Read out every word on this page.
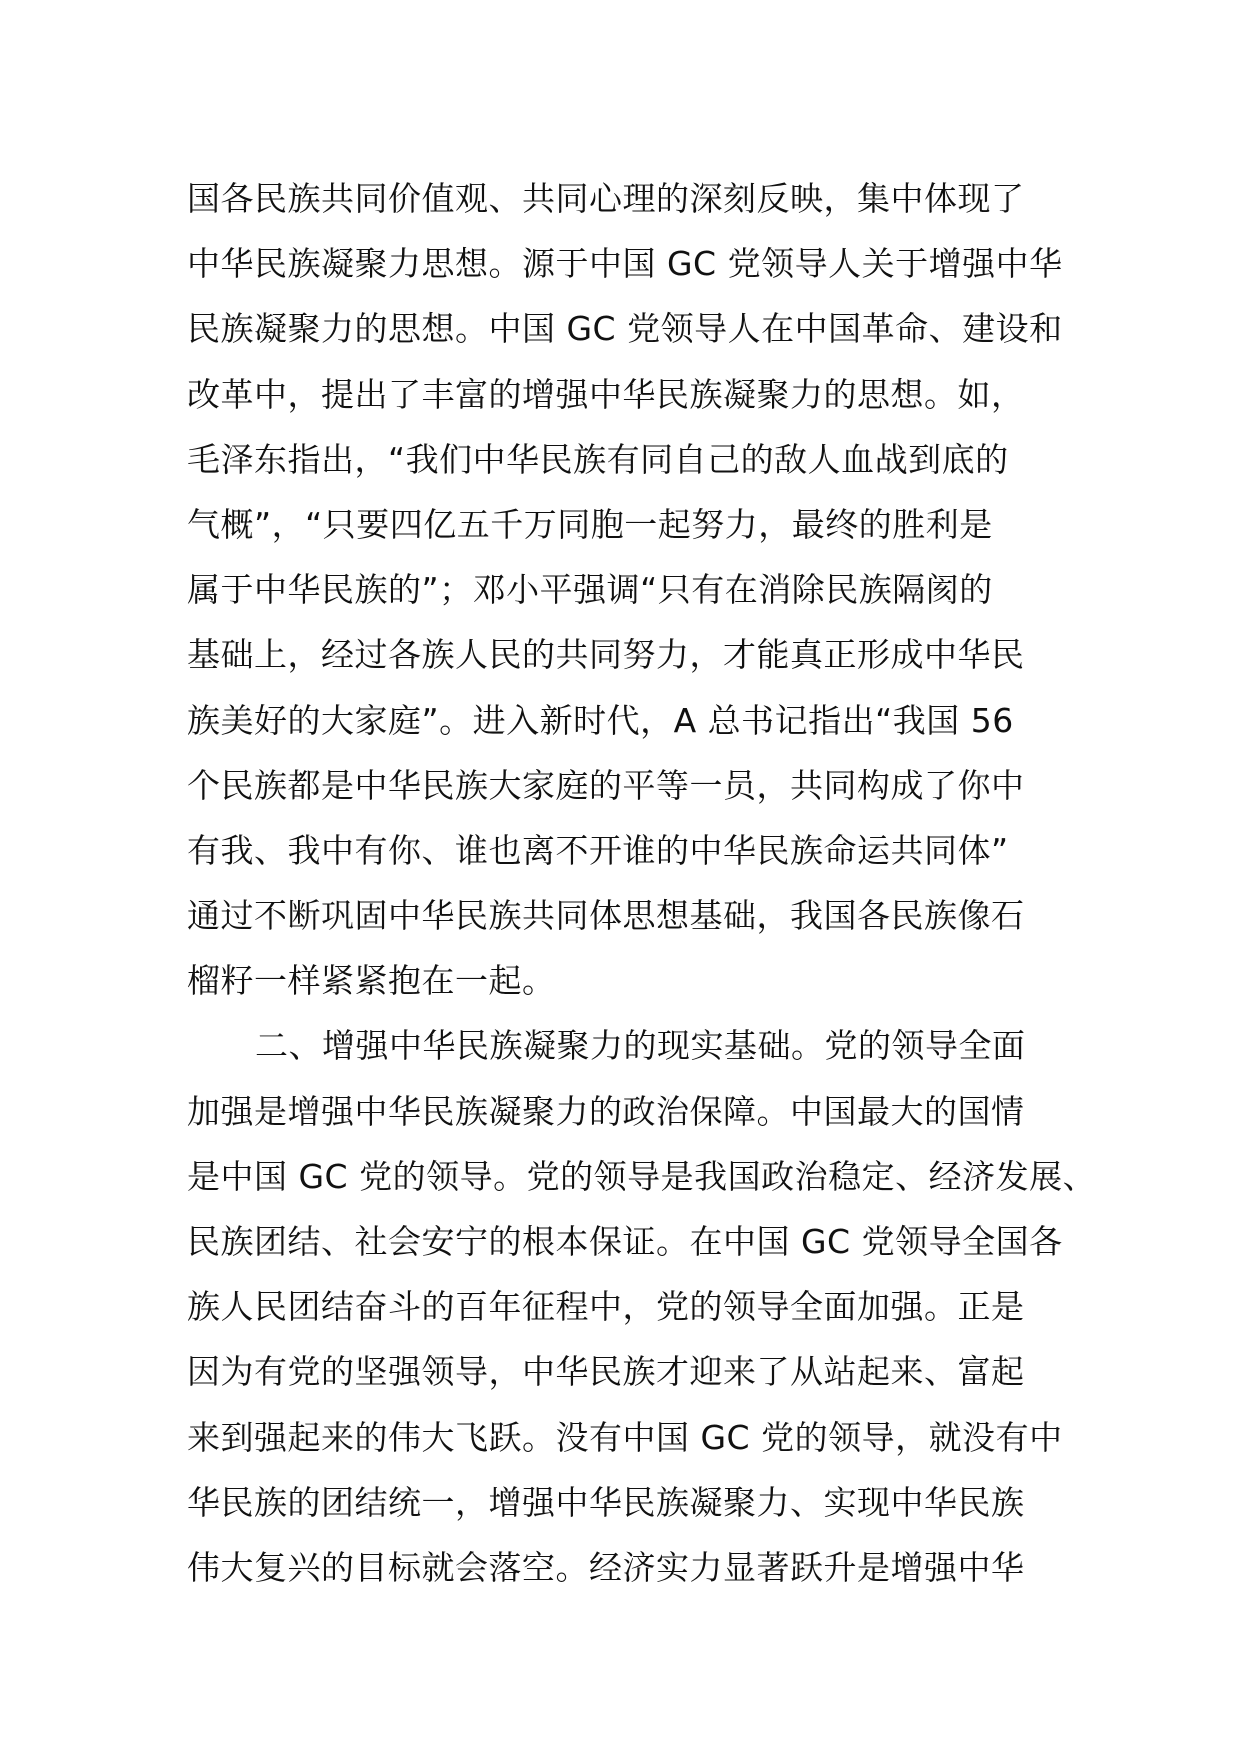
国各民族共同价值观、共同心理的深刻反映，集中体现了
中华民族凝聚力思想。源于中国 GC 党领导人关于增强中华
民族凝聚力的思想。中国 GC 党领导人在中国革命、建设和
改革中，提出了丰富的增强中华民族凝聚力的思想。如，
毛泽东指出，“我们中华民族有同自己的敌人血战到底的
气概”，“只要四亿五千万同胞一起努力，最终的胜利是
属于中华民族的”；邓小平强调“只有在消除民族隔阂的
基础上，经过各族人民的共同努力，才能真正形成中华民
族美好的大家庭”。进入新时代，A 总书记指出“我国 56
个民族都是中华民族大家庭的平等一员，共同构成了你中
有我、我中有你、谁也离不开谁的中华民族命运共同体”
通过不断巩固中华民族共同体思想基础，我国各民族像石
榴籽一样紧紧抱在一起。
二、增强中华民族凝聚力的现实基础。党的领导全面
加强是增强中华民族凝聚力的政治保障。中国最大的国情
是中国 GC 党的领导。党的领导是我国政治稳定、经济发展、
民族团结、社会安宁的根本保证。在中国 GC 党领导全国各
族人民团结奋斗的百年征程中，党的领导全面加强。正是
因为有党的坚强领导，中华民族才迎来了从站起来、富起
来到强起来的伟大飞跃。没有中国 GC 党的领导，就没有中
华民族的团结统一，增强中华民族凝聚力、实现中华民族
伟大复兴的目标就会落空。经济实力显著跃升是增强中华
